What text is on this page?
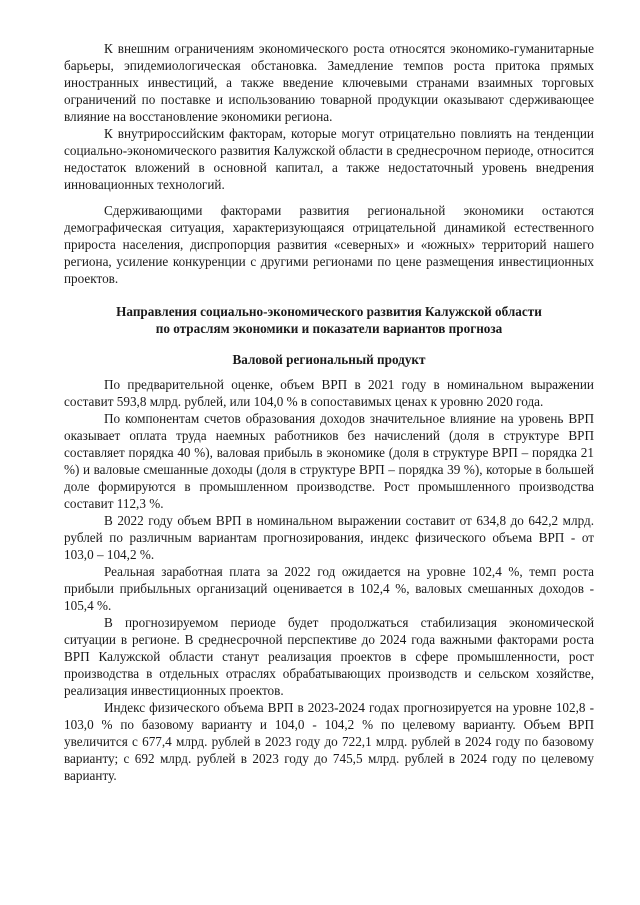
К внешним ограничениям экономического роста относятся экономико-гуманитарные барьеры, эпидемиологическая обстановка. Замедление темпов роста притока прямых иностранных инвестиций, а также введение ключевыми странами взаимных торговых ограничений по поставке и использованию товарной продукции оказывают сдерживающее влияние на восстановление экономики региона.

К внутрироссийским факторам, которые могут отрицательно повлиять на тенденции социально-экономического развития Калужской области в среднесрочном периоде, относится недостаток вложений в основной капитал, а также недостаточный уровень внедрения инновационных технологий.

Сдерживающими факторами развития региональной экономики остаются демографическая ситуация, характеризующаяся отрицательной динамикой естественного прироста населения, диспропорция развития «северных» и «южных» территорий нашего региона, усиление конкуренции с другими регионами по цене размещения инвестиционных проектов.

Направления социально-экономического развития Калужской области

по отраслям экономики и показатели вариантов прогноза

Валовой региональный продукт

По предварительной оценке, объем ВРП в 2021 году в номинальном выражении составит 593,8 млрд. рублей, или 104,0 % в сопоставимых ценах к уровню 2020 года.

По компонентам счетов образования доходов значительное влияние на уровень ВРП оказывает оплата труда наемных работников без начислений (доля в структуре ВРП составляет порядка 40 %), валовая прибыль в экономике (доля в структуре ВРП – порядка 21 %) и валовые смешанные доходы (доля в структуре ВРП – порядка 39 %), которые в большей доле формируются в промышленном производстве. Рост промышленного производства составит 112,3 %.

В 2022 году объем ВРП в номинальном выражении составит от 634,8 до 642,2 млрд. рублей по различным вариантам прогнозирования, индекс физического объема ВРП - от 103,0 – 104,2 %.

Реальная заработная плата за 2022 год ожидается на уровне 102,4 %, темп роста прибыли прибыльных организаций оценивается в 102,4 %, валовых смешанных доходов - 105,4 %.

В прогнозируемом периоде будет продолжаться стабилизация экономической ситуации в регионе. В среднесрочной перспективе до 2024 года важными факторами роста ВРП Калужской области станут реализация проектов в сфере промышленности, рост производства в отдельных отраслях обрабатывающих производств и сельском хозяйстве, реализация инвестиционных проектов.

Индекс физического объема ВРП в 2023-2024 годах прогнозируется на уровне 102,8 - 103,0 % по базовому варианту и 104,0 - 104,2 % по целевому варианту. Объем ВРП увеличится с 677,4 млрд. рублей в 2023 году до 722,1 млрд. рублей в 2024 году по базовому варианту; с 692 млрд. рублей в 2023 году до 745,5 млрд. рублей в 2024 году по целевому варианту.
